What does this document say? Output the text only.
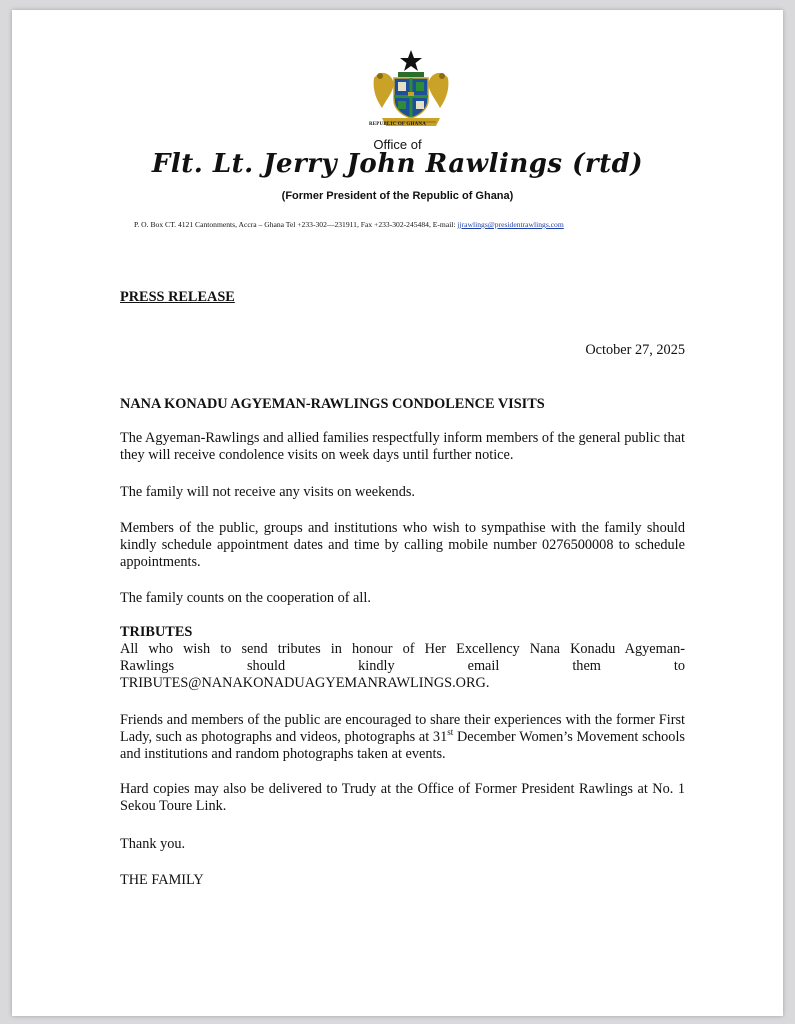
REPUBLIC OF GHANA
Office of
Flt. Lt. Jerry John Rawlings (rtd)
(Former President of the Republic of Ghana)
P. O. Box CT. 4121 Cantonments, Accra – Ghana Tel +233-302—231911, Fax +233-302-245484, E-mail: jjrawlings@presidentrawlings.com
PRESS RELEASE
October 27, 2025
NANA KONADU AGYEMAN-RAWLINGS CONDOLENCE VISITS
The Agyeman-Rawlings and allied families respectfully inform members of the general public that they will receive condolence visits on week days until further notice.
The family will not receive any visits on weekends.
Members of the public, groups and institutions who wish to sympathise with the family should kindly schedule appointment dates and time by calling mobile number 0276500008 to schedule appointments.
The family counts on the cooperation of all.
TRIBUTES
All who wish to send tributes in honour of Her Excellency Nana Konadu Agyeman-
Rawlings should kindly email them to
TRIBUTES@NANAKONADUAGYEMANRAWLINGS.ORG.
Friends and members of the public are encouraged to share their experiences with the former First Lady, such as photographs and videos, photographs at 31st December Women’s Movement schools and institutions and random photographs taken at events.
Hard copies may also be delivered to Trudy at the Office of Former President Rawlings at No. 1 Sekou Toure Link.
Thank you.
THE FAMILY
